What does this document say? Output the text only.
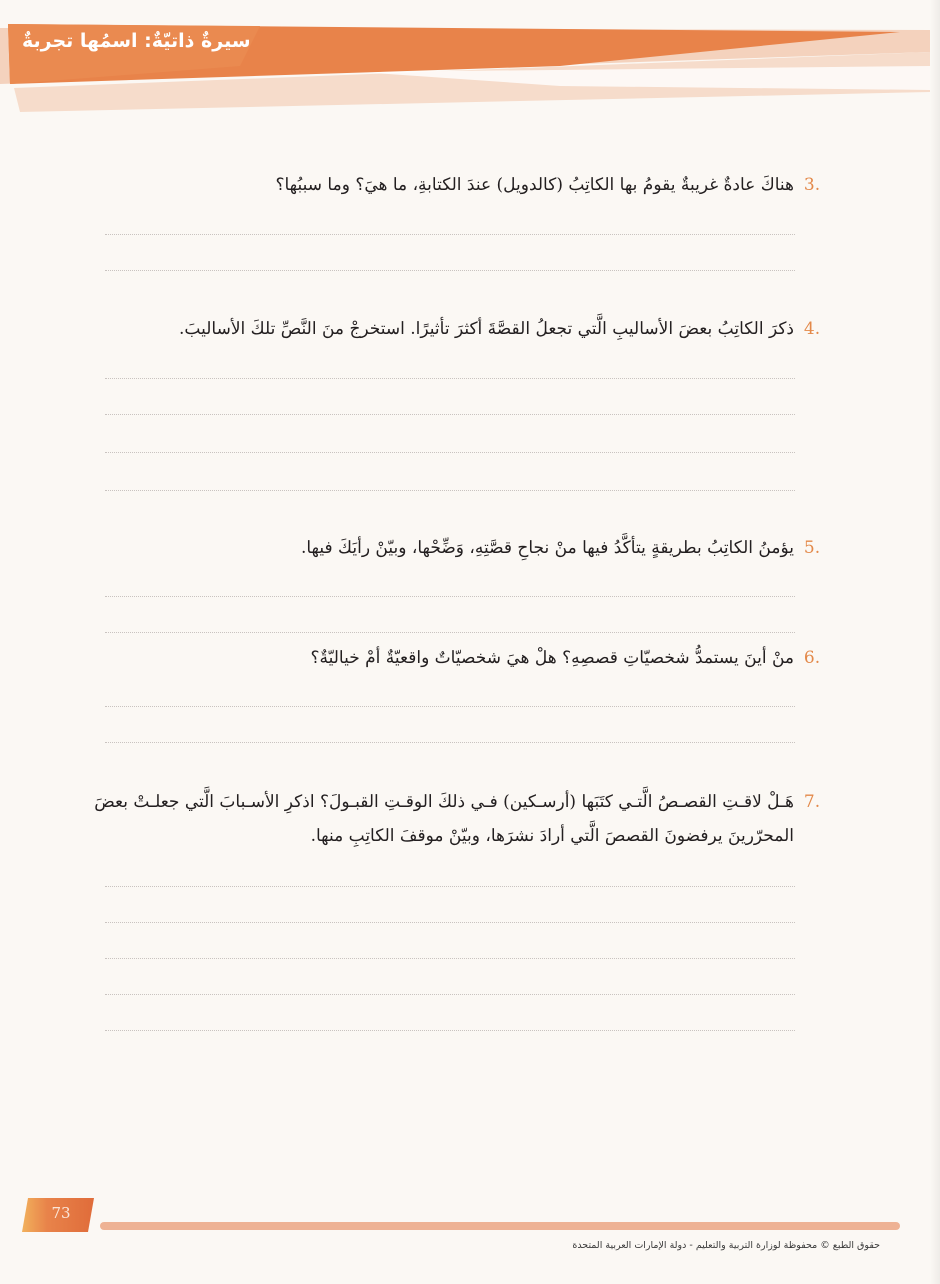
سيرةٌ ذاتيّةٌ: اسمُها تجربةٌ
3.
هناكَ عادةٌ غريبةٌ يقومُ بها الكاتِبُ (كالدويل) عندَ الكتابةِ، ما هيَ؟ وما سببُها؟
4.
ذكرَ الكاتِبُ بعضَ الأساليبِ الَّتي تجعلُ القصَّةَ أكثرَ تأثيرًا. استخرجْ منَ النَّصِّ تلكَ الأساليبَ.
5.
يؤمنُ الكاتِبُ بطريقةٍ يتأكَّدُ فيها منْ نجاحِ قصَّتِهِ، وَضِّحْها، وبيّنْ رأيَكَ فيها.
6.
منْ أينَ يستمدُّ شخصيّاتِ قصصِهِ؟ هلْ هيَ شخصيّاتٌ واقعيّةٌ أمْ خياليّةٌ؟
7.
هَـلْ لاقـتِ القصـصُ الَّتـي كتَبَها (أرسـكين) فـي ذلكَ الوقـتِ القبـولَ؟ اذكرِ الأسـبابَ الَّتي جعلـتْ بعضَ
المحرّرينَ يرفضونَ القصصَ الَّتي أرادَ نشرَها، وبيّنْ موقفَ الكاتِبِ منها.
73
حقوق الطبع © محفوظة لوزارة التربية والتعليم - دولة الإمارات العربية المتحدة
